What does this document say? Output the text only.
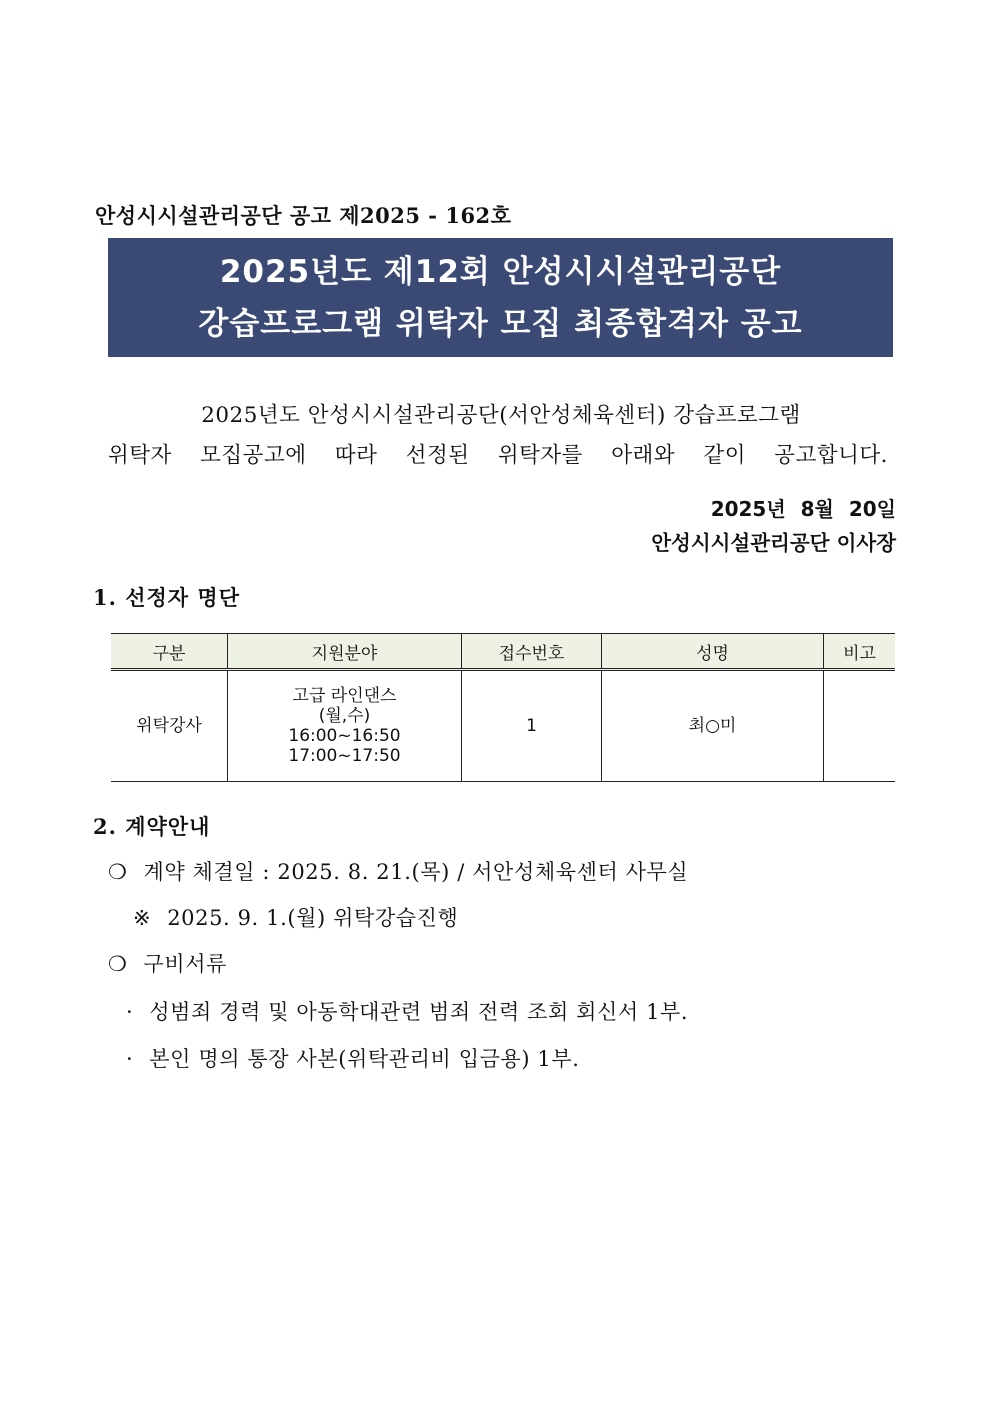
안성시시설관리공단 공고 제2025 - 162호
2025년도 제12회 안성시시설관리공단
강습프로그램 위탁자 모집 최종합격자 공고
2025년도 안성시시설관리공단(서안성체육센터) 강습프로그램
위탁자 모집공고에 따라 선정된 위탁자를 아래와 같이 공고합니다.
2025년 8월 20일
안성시시설관리공단 이사장
1. 선정자 명단
구분	지원분야	접수번호	성명	비고
위탁강사	고급 라인댄스
(월,수)
16:00~16:50
17:00~17:50	1	최○미	
2. 계약안내
❍ 계약 체결일 : 2025. 8. 21.(목) / 서안성체육센터 사무실
※ 2025. 9. 1.(월) 위탁강습진행
❍ 구비서류
· 성범죄 경력 및 아동학대관련 범죄 전력 조회 회신서 1부.
· 본인 명의 통장 사본(위탁관리비 입금용) 1부.
